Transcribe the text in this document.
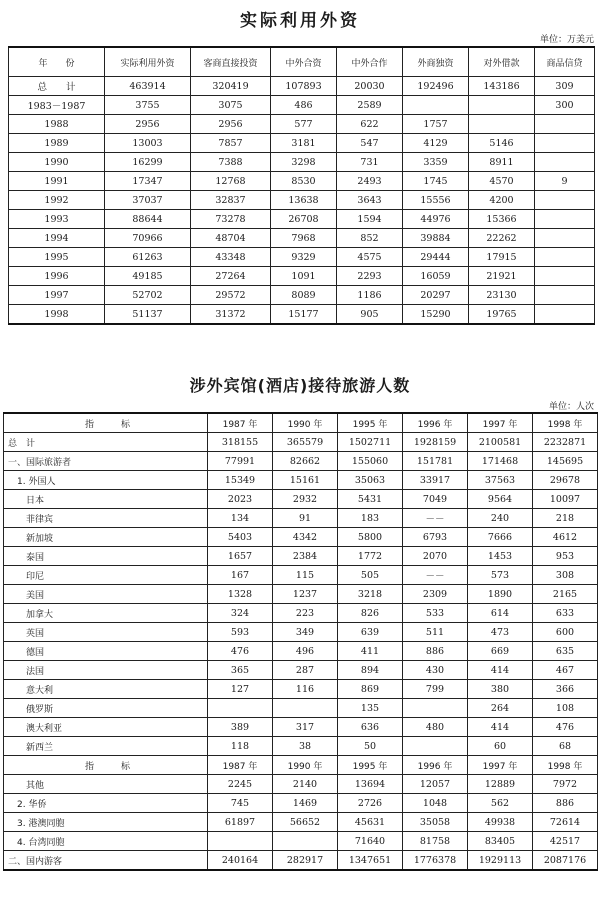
实际利用外资
单位：万美元
年　　份	实际利用外资	客商直接投资	中外合资	中外合作	外商独资	对外借款	商品信贷
总　　计	463914	320419	107893	20030	192496	143186	309
1983－1987	3755	3075	486	2589			300
1988	2956	2956	577	622	1757		
1989	13003	7857	3181	547	4129	5146	
1990	16299	7388	3298	731	3359	8911	
1991	17347	12768	8530	2493	1745	4570	9
1992	37037	32837	13638	3643	15556	4200	
1993	88644	73278	26708	1594	44976	15366	
1994	70966	48704	7968	852	39884	22262	
1995	61263	43348	9329	4575	29444	17915	
1996	49185	27264	1091	2293	16059	21921	
1997	52702	29572	8089	1186	20297	23130	
1998	51137	31372	15177	905	15290	19765	
涉外宾馆(酒店)接待旅游人数
单位：人次
指　　　标	1987 年	1990 年	1995 年	1996 年	1997 年	1998 年
总　计	318155	365579	1502711	1928159	2100581	2232871
一、国际旅游者	77991	82662	155060	151781	171468	145695
　1. 外国人	15349	15161	35063	33917	37563	29678
　　日本	2023	2932	5431	7049	9564	10097
　　菲律宾	134	91	183	－－	240	218
　　新加坡	5403	4342	5800	6793	7666	4612
　　泰国	1657	2384	1772	2070	1453	953
　　印尼	167	115	505	－－	573	308
　　美国	1328	1237	3218	2309	1890	2165
　　加拿大	324	223	826	533	614	633
　　英国	593	349	639	511	473	600
　　德国	476	496	411	886	669	635
　　法国	365	287	894	430	414	467
　　意大利	127	116	869	799	380	366
　　俄罗斯			135		264	108
　　澳大利亚	389	317	636	480	414	476
　　新西兰	118	38	50		60	68
指　　　标	1987 年	1990 年	1995 年	1996 年	1997 年	1998 年
　　其他	2245	2140	13694	12057	12889	7972
　2. 华侨	745	1469	2726	1048	562	886
　3. 港澳同胞	61897	56652	45631	35058	49938	72614
　4. 台湾同胞			71640	81758	83405	42517
二、国内游客	240164	282917	1347651	1776378	1929113	2087176
